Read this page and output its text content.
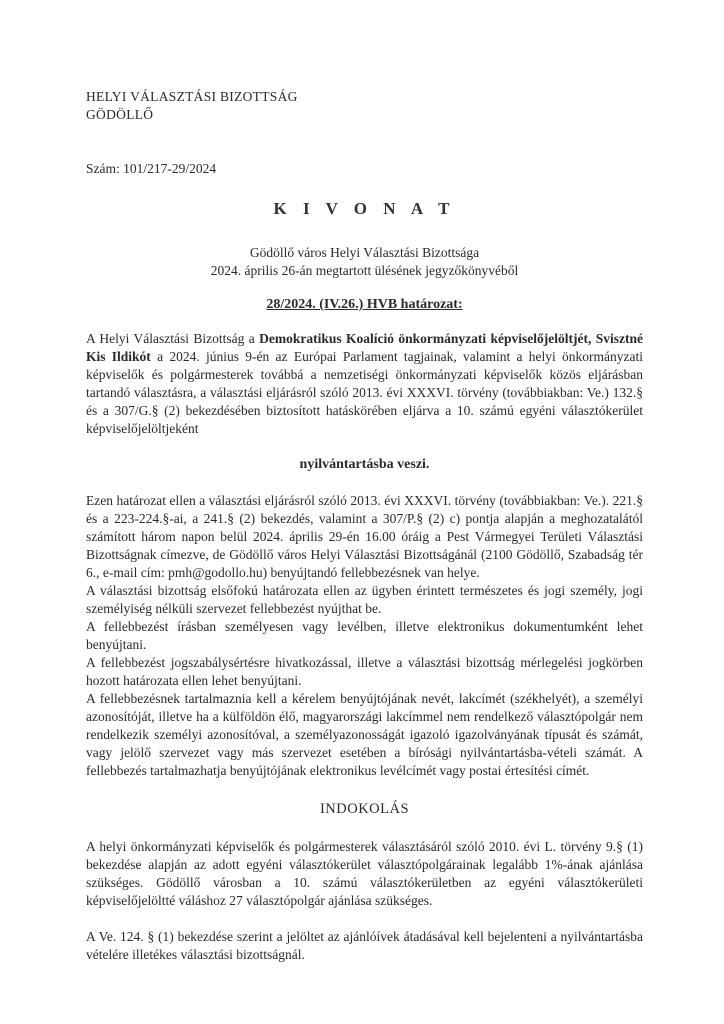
HELYI VÁLASZTÁSI BIZOTTSÁG
GÖDÖLLŐ
Szám: 101/217-29/2024
K I V O N A T
Gödöllő város Helyi Választási Bizottsága
2024. április 26-án megtartott ülésének jegyzőkönyvéből
28/2024. (IV.26.) HVB határozat:

A Helyi Választási Bizottság a Demokratikus Koalíció önkormányzati képviselőjelöltjét, Svisztné Kis Ildikót a 2024. június 9-én az Európai Parlament tagjainak, valamint a helyi önkormányzati képviselők és polgármesterek továbbá a nemzetiségi önkormányzati képviselők közös eljárásban tartandó választásra, a választási eljárásról szóló 2013. évi XXXVI. törvény (továbbiakban: Ve.) 132.§ és a 307/G.§ (2) bekezdésében biztosított hatáskörében eljárva a 10. számú egyéni választókerület képviselőjelöltjeként

nyilvántartásba veszi.

Ezen határozat ellen a választási eljárásról szóló 2013. évi XXXVI. törvény (továbbiakban: Ve.). 221.§ és a 223-224.§-ai, a 241.§ (2) bekezdés, valamint a 307/P.§ (2) c) pontja alapján a meghozatalától számított három napon belül 2024. április 29-én 16.00 óráig a Pest Vármegyei Területi Választási Bizottságnak címezve, de Gödöllő város Helyi Választási Bizottságánál (2100 Gödöllő, Szabadság tér 6., e-mail cím: pmh@godollo.hu) benyújtandó fellebbezésnek van helye.

A választási bizottság elsőfokú határozata ellen az ügyben érintett természetes és jogi személy, jogi személyiség nélküli szervezet fellebbezést nyújthat be.

A fellebbezést írásban személyesen vagy levélben, illetve elektronikus dokumentumként lehet benyújtani.

A fellebbezést jogszabálysértésre hivatkozással, illetve a választási bizottság mérlegelési jogkörben hozott határozata ellen lehet benyújtani.

A fellebbezésnek tartalmaznia kell a kérelem benyújtójának nevét, lakcímét (székhelyét), a személyi azonosítóját, illetve ha a külföldön élő, magyarországi lakcímmel nem rendelkező választópolgár nem rendelkezik személyi azonosítóval, a személyazonosságát igazoló igazolványának típusát és számát, vagy jelölő szervezet vagy más szervezet esetében a bírósági nyilvántartásba-vételi számát. A fellebbezés tartalmazhatja benyújtójának elektronikus levélcímét vagy postai értesítési címét.

INDOKOLÁS

A helyi önkormányzati képviselők és polgármesterek választásáról szóló 2010. évi L. törvény 9.§ (1) bekezdése alapján az adott egyéni választókerület választópolgárainak legalább 1%-ának ajánlása szükséges. Gödöllő városban a 10. számú választókerületben az egyéni választókerületi képviselőjelöltté váláshoz 27 választópolgár ajánlása szükséges.

A Ve. 124. § (1) bekezdése szerint a jelöltet az ajánlóívek átadásával kell bejelenteni a nyilvántartásba vételére illetékes választási bizottságnál.
